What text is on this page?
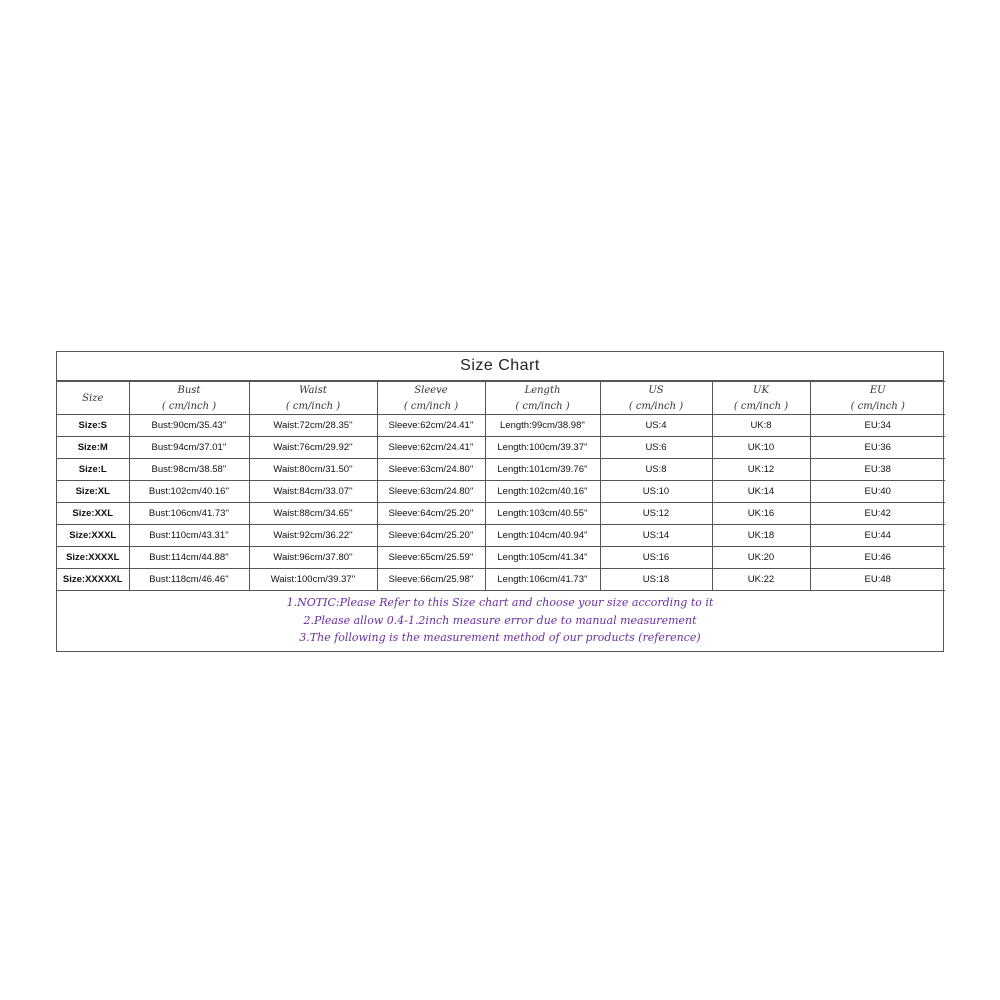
Size Chart
Size	Bust	Waist	Sleeve	Length	US	UK	EU
	( cm/inch )	( cm/inch )	( cm/inch )	( cm/inch )	( cm/inch )	( cm/inch )	( cm/inch )
Size:S	Bust:90cm/35.43''	Waist:72cm/28.35''	Sleeve:62cm/24.41''	Length:99cm/38.98''	US:4	UK:8	EU:34
Size:M	Bust:94cm/37.01''	Waist:76cm/29.92''	Sleeve:62cm/24.41''	Length:100cm/39.37''	US:6	UK:10	EU:36
Size:L	Bust:98cm/38.58''	Waist:80cm/31.50''	Sleeve:63cm/24.80''	Length:101cm/39.76''	US:8	UK:12	EU:38
Size:XL	Bust:102cm/40.16''	Waist:84cm/33.07''	Sleeve:63cm/24.80''	Length:102cm/40.16''	US:10	UK:14	EU:40
Size:XXL	Bust:106cm/41.73''	Waist:88cm/34.65''	Sleeve:64cm/25.20''	Length:103cm/40.55''	US:12	UK:16	EU:42
Size:XXXL	Bust:110cm/43.31''	Waist:92cm/36.22''	Sleeve:64cm/25.20''	Length:104cm/40.94''	US:14	UK:18	EU:44
Size:XXXXL	Bust:114cm/44.88''	Waist:96cm/37.80''	Sleeve:65cm/25.59''	Length:105cm/41.34''	US:16	UK:20	EU:46
Size:XXXXXL	Bust:118cm/46.46''	Waist:100cm/39.37''	Sleeve:66cm/25.98''	Length:106cm/41.73''	US:18	UK:22	EU:48
1.NOTIC:Please Refer to this Size chart and choose your size according to it
2.Please allow 0.4-1.2inch measure error due to manual measurement
3.The following is the measurement method of our products (reference)
